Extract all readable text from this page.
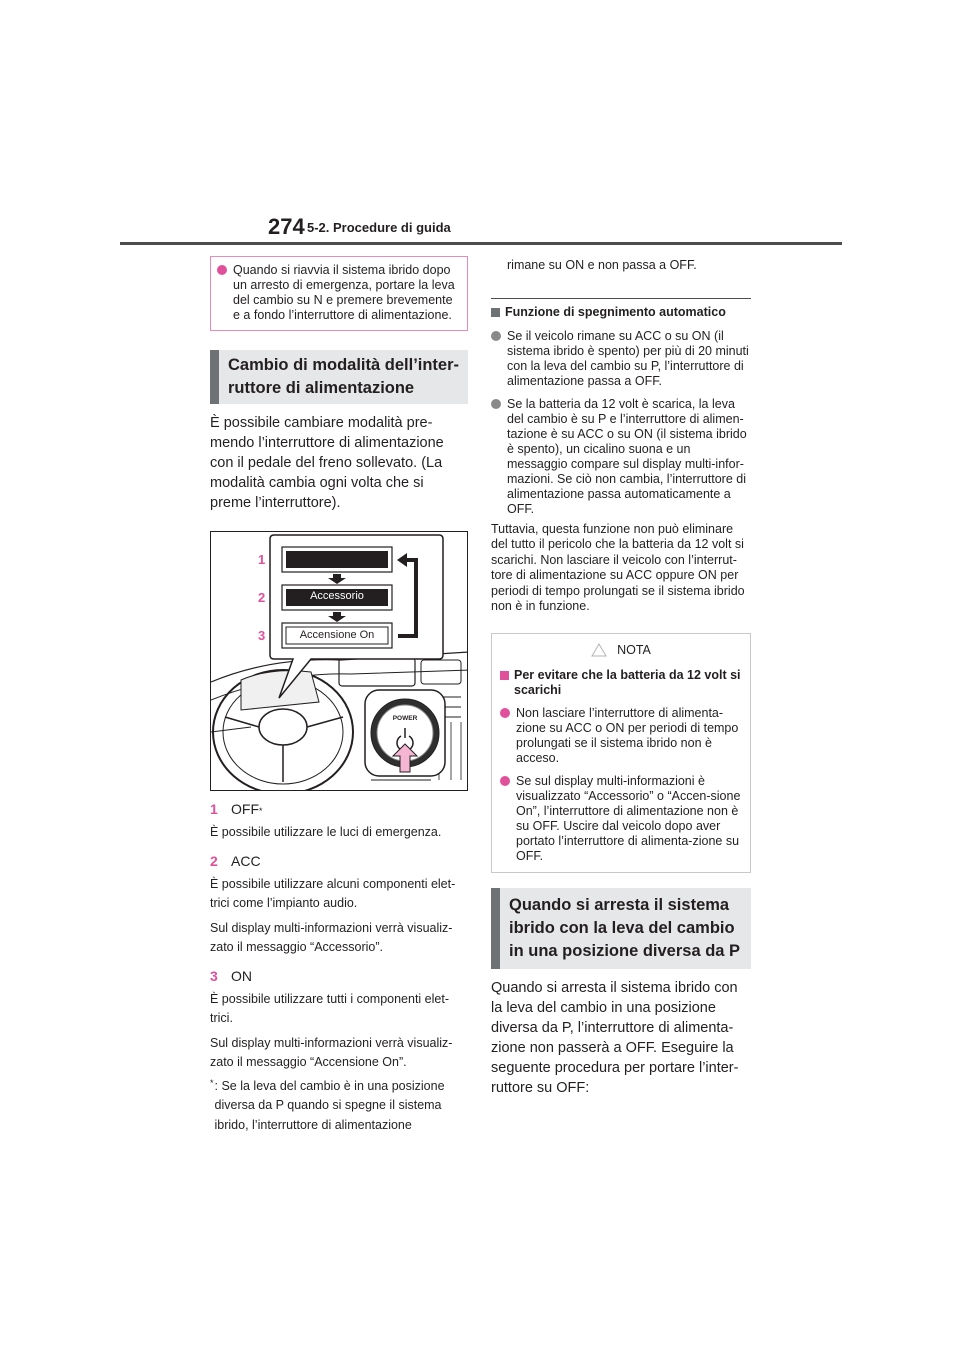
274 5-2. Procedure di guida
Quando si riavvia il sistema ibrido dopo un arresto di emergenza, portare la leva del cambio su N e premere brevemente e a fondo l’interruttore di alimentazione.
Cambio di modalità dell’inter-ruttore di alimentazione
È possibile cambiare modalità pre-mendo l’interruttore di alimentazione con il pedale del freno sollevato. (La modalità cambia ogni volta che si preme l’interruttore).
1
2
3
Accessorio
Accensione On
POWER
1 OFF *
È possibile utilizzare le luci di emergenza.
2 ACC
È possibile utilizzare alcuni componenti elet-trici come l’impianto audio.
Sul display multi-informazioni verrà visualiz-zato il messaggio “Accessorio”.
3 ON
È possibile utilizzare tutti i componenti elet-trici.
Sul display multi-informazioni verrà visualiz-zato il messaggio “Accensione On”.
* : Se la leva del cambio è in una posizione diversa da P quando si spegne il sistema ibrido, l’interruttore di alimentazione
rimane su ON e non passa a OFF.
Funzione di spegnimento automatico
Se il veicolo rimane su ACC o su ON (il sistema ibrido è spento) per più di 20 minuti con la leva del cambio su P, l’interruttore di alimentazione passa a OFF.
Se la batteria da 12 volt è scarica, la leva del cambio è su P e l’interruttore di alimen-tazione è su ACC o su ON (il sistema ibrido è spento), un cicalino suona e un messaggio compare sul display multi-infor-mazioni. Se ciò non cambia, l’interruttore di alimentazione passa automaticamente a OFF.
Tuttavia, questa funzione non può eliminare del tutto il pericolo che la batteria da 12 volt si scarichi. Non lasciare il veicolo con l’interrut-tore di alimentazione su ACC oppure ON per periodi di tempo prolungati se il sistema ibrido non è in funzione.
NOTA
Per evitare che la batteria da 12 volt si scarichi
Non lasciare l’interruttore di alimenta-zione su ACC o ON per periodi di tempo prolungati se il sistema ibrido non è acceso.
Se sul display multi-informazioni è visualizzato “Accessorio” o “Accen-sione On”, l’interruttore di alimentazione non è su OFF. Uscire dal veicolo dopo aver portato l’interruttore di alimenta-zione su OFF.
Quando si arresta il sistema ibrido con la leva del cambio in una posizione diversa da P
Quando si arresta il sistema ibrido con la leva del cambio in una posizione diversa da P, l’interruttore di alimenta-zione non passerà a OFF. Eseguire la seguente procedura per portare l’inter-ruttore su OFF:
